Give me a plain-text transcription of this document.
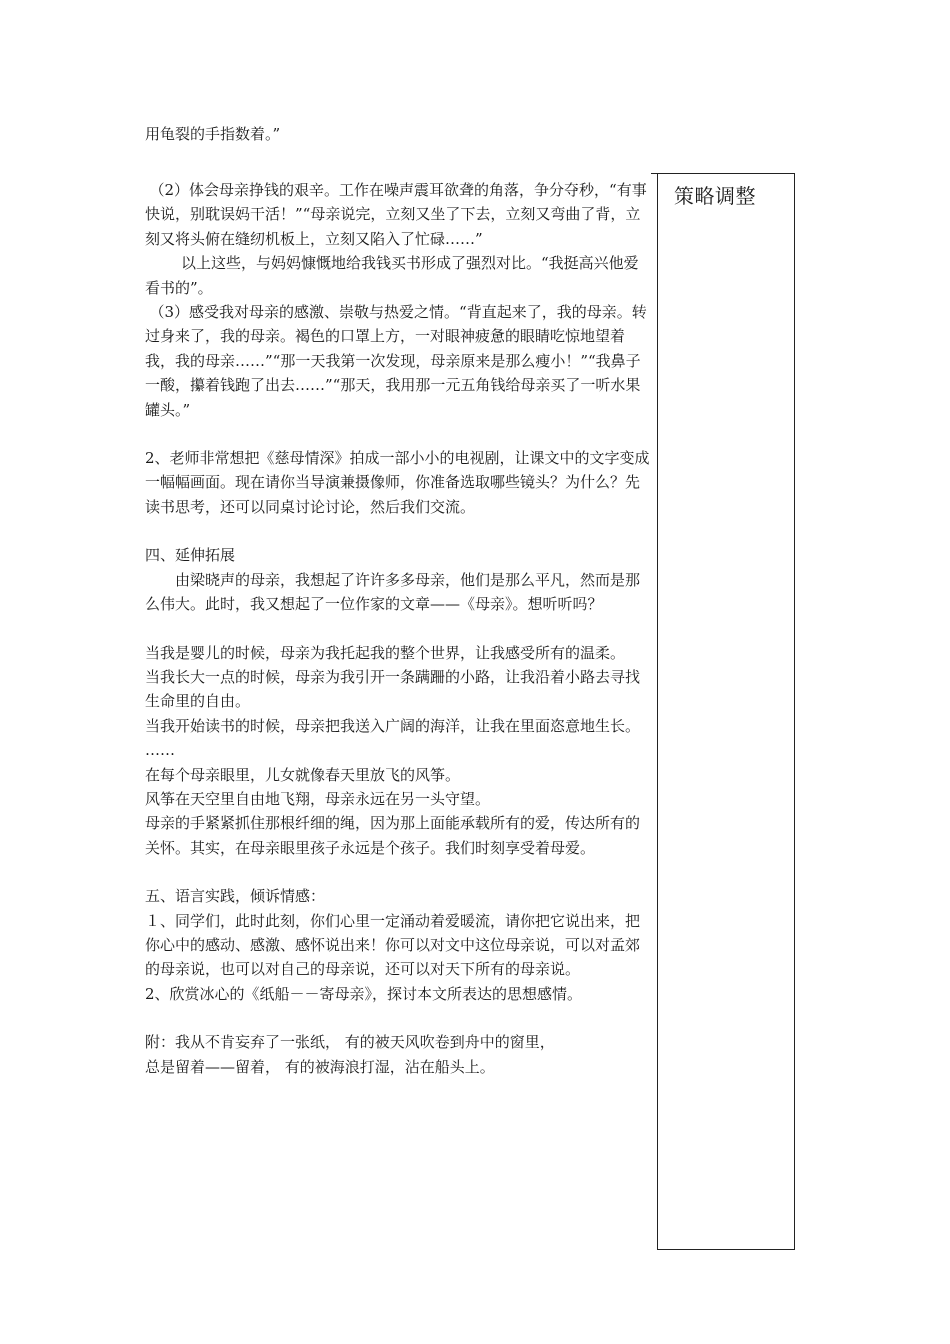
用龟裂的手指数着。”

策略调整

（2）体会母亲挣钱的艰辛。工作在噪声震耳欲聋的角落，争分夺秒，“有事快说，别耽误妈干活！”“母亲说完，立刻又坐了下去，立刻又弯曲了背，立刻又将头俯在缝纫机板上，立刻又陷入了忙碌……”

以上这些，与妈妈慷慨地给我钱买书形成了强烈对比。“我挺高兴他爱看书的”。

（3）感受我对母亲的感激、崇敬与热爱之情。“背直起来了，我的母亲。转过身来了，我的母亲。褐色的口罩上方，一对眼神疲惫的眼睛吃惊地望着我，我的母亲……”“那一天我第一次发现，母亲原来是那么瘦小！”“我鼻子一酸，攥着钱跑了出去……”“那天，我用那一元五角钱给母亲买了一听水果罐头。”

2、老师非常想把《慈母情深》拍成一部小小的电视剧，让课文中的文字变成一幅幅画面。现在请你当导演兼摄像师，你准备选取哪些镜头？为什么？先读书思考，还可以同桌讨论讨论，然后我们交流。

四、延伸拓展

由梁晓声的母亲，我想起了许许多多母亲，他们是那么平凡，然而是那么伟大。此时，我又想起了一位作家的文章——《母亲》。想听听吗？

当我是婴儿的时候，母亲为我托起我的整个世界，让我感受所有的温柔。

当我长大一点的时候，母亲为我引开一条蹒跚的小路，让我沿着小路去寻找生命里的自由。

当我开始读书的时候，母亲把我送入广阔的海洋，让我在里面恣意地生长。

……

在每个母亲眼里，儿女就像春天里放飞的风筝。

风筝在天空里自由地飞翔，母亲永远在另一头守望。

母亲的手紧紧抓住那根纤细的绳，因为那上面能承载所有的爱，传达所有的关怀。其实，在母亲眼里孩子永远是个孩子。我们时刻享受着母爱。

五、语言实践，倾诉情感：

１、同学们，此时此刻，你们心里一定涌动着爱暖流，请你把它说出来，把你心中的感动、感激、感怀说出来！你可以对文中这位母亲说，可以对孟郊的母亲说，也可以对自己的母亲说，还可以对天下所有的母亲说。

2、欣赏冰心的《纸船－－寄母亲》，探讨本文所表达的思想感情。

附：我从不肯妄弃了一张纸， 有的被天风吹卷到舟中的窗里，

总是留着——留着， 有的被海浪打湿，沾在船头上。
